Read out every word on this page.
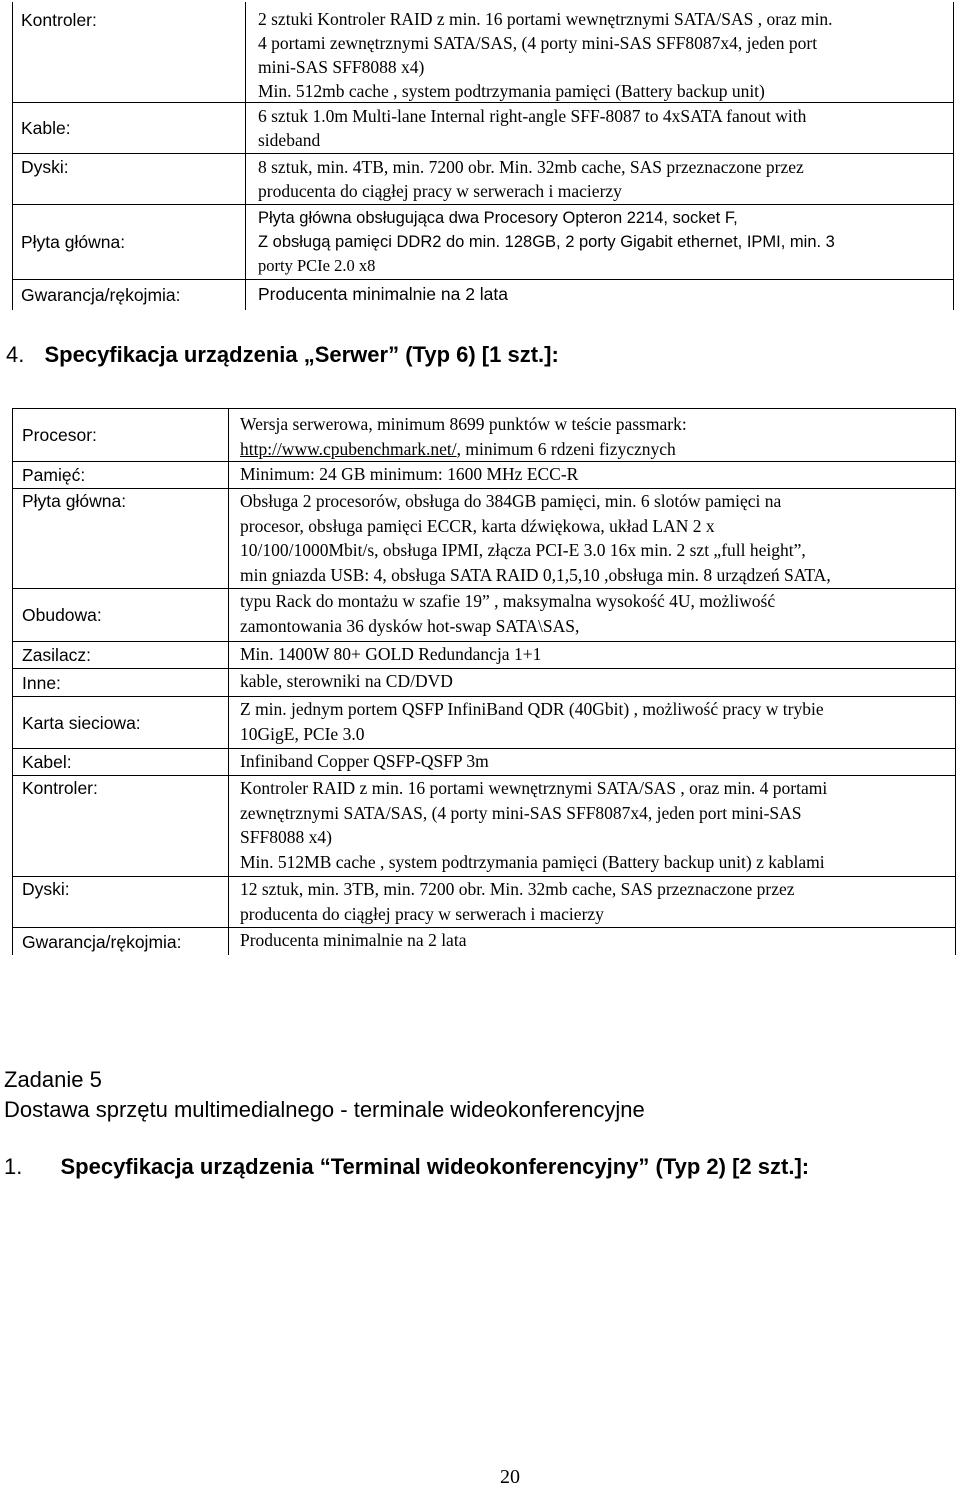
Kontroler:	2 sztuki Kontroler RAID z min. 16 portami wewnętrznymi SATA/SAS , oraz min.
4 portami zewnętrznymi SATA/SAS, (4 porty mini-SAS SFF8087x4, jeden port
mini-SAS SFF8088 x4)
Min. 512mb cache , system podtrzymania pamięci (Battery backup unit)
Kable:
6 sztuk 1.0m Multi-lane Internal right-angle SFF-8087 to 4xSATA fanout with
sideband
Dyski:	8 sztuk, min. 4TB, min. 7200 obr. Min. 32mb cache, SAS przeznaczone przez
producenta do ciągłej pracy w serwerach i macierzy
Płyta główna:
Płyta główna obsługująca dwa Procesory Opteron 2214, socket F,
Z obsługą pamięci DDR2 do min. 128GB, 2 porty Gigabit ethernet, IPMI, min. 3
porty PCIe 2.0 x8
Gwarancja/rękojmia:	Producenta minimalnie na 2 lata
4. Specyfikacja urządzenia „Serwer” (Typ 6) [1 szt.]:
Procesor:
Wersja serwerowa, minimum 8699 punktów w teście passmark:
http://www.cpubenchmark.net/, minimum 6 rdzeni fizycznych
Pamięć:	Minimum: 24 GB minimum: 1600 MHz ECC-R
Płyta główna:	Obsługa 2 procesorów, obsługa do 384GB pamięci, min. 6 slotów pamięci na
procesor, obsługa pamięci ECCR, karta dźwiękowa, układ LAN 2 x
10/100/1000Mbit/s, obsługa IPMI, złącza PCI-E 3.0 16x min. 2 szt „full height”,
min gniazda USB: 4, obsługa SATA RAID 0,1,5,10 ,obsługa min. 8 urządzeń SATA,
Obudowa:
typu Rack do montażu w szafie 19” , maksymalna wysokość 4U, możliwość
zamontowania 36 dysków hot-swap SATA\SAS,
Zasilacz:	Min. 1400W 80+ GOLD Redundancja 1+1
Inne:	kable, sterowniki na CD/DVD
Karta sieciowa:
Z min. jednym portem QSFP InfiniBand QDR (40Gbit) , możliwość pracy w trybie
10GigE, PCIe 3.0
Kabel:	Infiniband Copper QSFP-QSFP 3m
Kontroler:	Kontroler RAID z min. 16 portami wewnętrznymi SATA/SAS , oraz min. 4 portami
zewnętrznymi SATA/SAS, (4 porty mini-SAS SFF8087x4, jeden port mini-SAS
SFF8088 x4)
Min. 512MB cache , system podtrzymania pamięci (Battery backup unit) z kablami
Dyski:	12 sztuk, min. 3TB, min. 7200 obr. Min. 32mb cache, SAS przeznaczone przez
producenta do ciągłej pracy w serwerach i macierzy
Gwarancja/rękojmia:	Producenta minimalnie na 2 lata
Zadanie 5
Dostawa sprzętu multimedialnego - terminale wideokonferencyjne
1. Specyfikacja urządzenia “Terminal wideokonferencyjny” (Typ 2) [2 szt.]:
20
